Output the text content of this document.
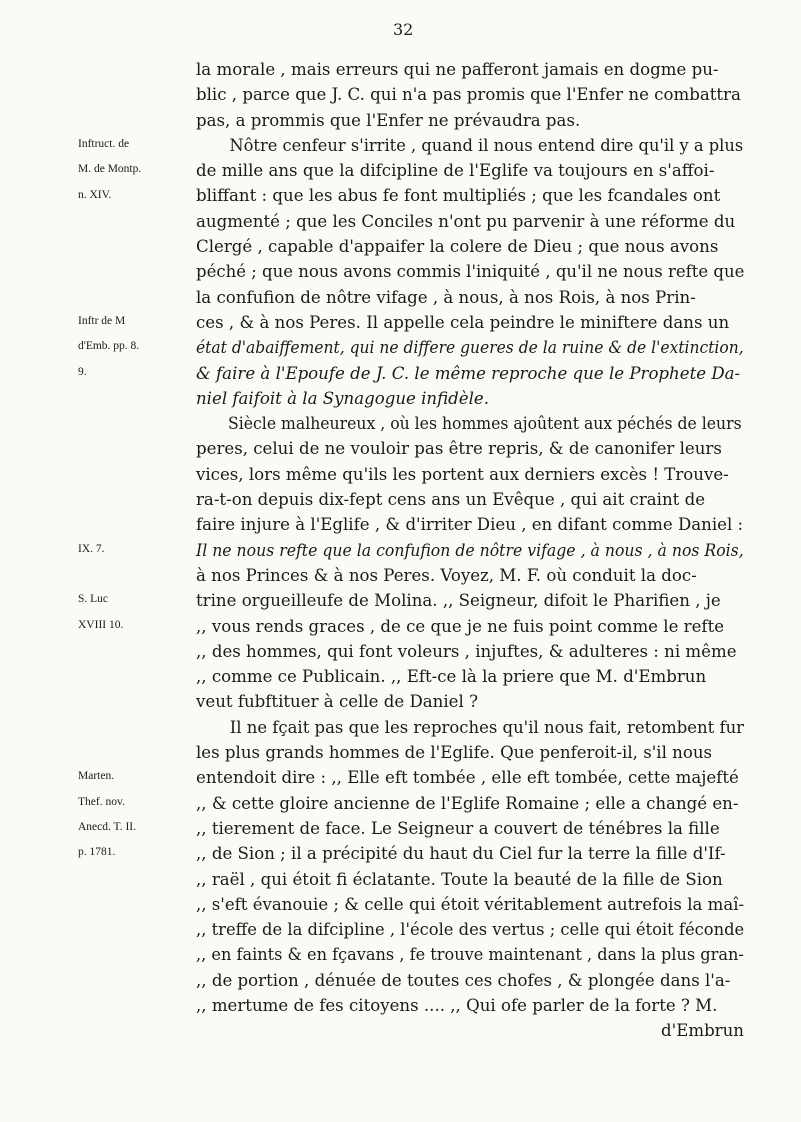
32
la morale , mais erreurs qui ne pafferont jamais en dogme pu-
blic , parce que J. C. qui n'a pas promis que l'Enfer ne combattra
pas, a prommis que l'Enfer ne prévaudra pas.
Nôtre cenfeur s'irrite , quand il nous entend dire qu'il y a plus
de mille ans que la difcipline de l'Eglife va toujours en s'affoi-
bliffant : que les abus fe font multipliés ; que les fcandales ont
augmenté ; que les Conciles n'ont pu parvenir à une réforme du
Clergé , capable d'appaifer la colere de Dieu ; que nous avons
péché ; que nous avons commis l'iniquité , qu'il ne nous refte que
la confufion de nôtre vifage , à nous, à nos Rois, à nos Prin-
ces , & à nos Peres. Il appelle cela peindre le miniftere dans un
état d'abaiffement, qui ne differe gueres de la ruine & de l'extinction,
& faire à l'Epoufe de J. C. le même reproche que le Prophete Da-
niel faifoit à la Synagogue infidèle.
Siècle malheureux , où les hommes ajoûtent aux péchés de leurs
peres, celui de ne vouloir pas être repris, & de canonifer leurs
vices, lors même qu'ils les portent aux derniers excès ! Trouve-
ra-t-on depuis dix-fept cens ans un Evêque , qui ait craint de
faire injure à l'Eglife , & d'irriter Dieu , en difant comme Daniel :
Il ne nous refte que la confufion de nôtre vifage , à nous , à nos Rois,
à nos Princes & à nos Peres. Voyez, M. F. où conduit la doc-
trine orgueilleufe de Molina. ,, Seigneur, difoit le Pharifien , je
,, vous rends graces , de ce que je ne fuis point comme le refte
,, des hommes, qui font voleurs , injuftes, & adulteres : ni même
,, comme ce Publicain. ,, Eft-ce là la priere que M. d'Embrun
veut fubftituer à celle de Daniel ?
Il ne fçait pas que les reproches qu'il nous fait, retombent fur
les plus grands hommes de l'Eglife. Que penferoit-il, s'il nous
entendoit dire : ,, Elle eft tombée , elle eft tombée, cette majefté
,, & cette gloire ancienne de l'Eglife Romaine ; elle a changé en-
,, tierement de face. Le Seigneur a couvert de ténébres la fille
,, de Sion ; il a précipité du haut du Ciel fur la terre la fille d'If-
,, raël , qui étoit fi éclatante. Toute la beauté de la fille de Sion
,, s'eft évanouie ; & celle qui étoit véritablement autrefois la maî-
,, treffe de la difcipline , l'école des vertus ; celle qui étoit féconde
,, en faints & en fçavans , fe trouve maintenant , dans la plus gran-
,, de portion , dénuée de toutes ces chofes , & plongée dans l'a-
,, mertume de fes citoyens .... ,, Qui ofe parler de la forte ? M.
d'Embrun
Inftruct. de
M. de Montp.
n. XIV.
Inftr de M
d'Emb. pp. 8.
9.
IX. 7.
S. Luc
XVIII 10.
Marten.
Thef. nov.
Anecd. T. II.
p. 1781.
